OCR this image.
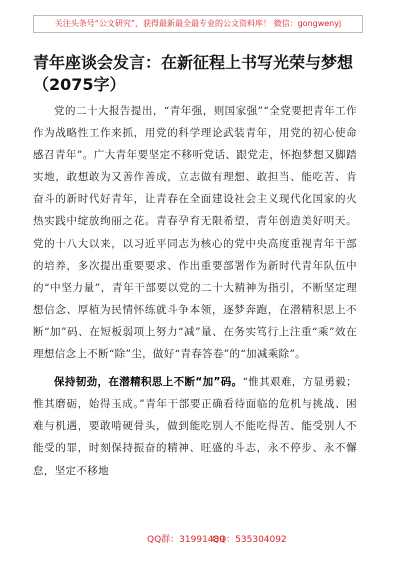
关注头条号“公文研究”，获得最新最全最专业的公文资料库！ 微信：gongwenyj
青年座谈会发言：在新征程上书写光荣与梦想（2075字）

党的二十大报告提出，“青年强，则国家强”“全党要把青年工作作为战略性工作来抓，用党的科学理论武装青年，用党的初心使命感召青年”。广大青年要坚定不移听党话、跟党走，怀抱梦想又脚踏实地，敢想敢为又善作善成，立志做有理想、敢担当、能吃苦、肯奋斗的新时代好青年，让青春在全面建设社会主义现代化国家的火热实践中绽放绚丽之花。青春孕育无限希望，青年创造美好明天。党的十八大以来，以习近平同志为核心的党中央高度重视青年干部的培养，多次提出重要要求、作出重要部署作为新时代青年队伍中的“中坚力量”，青年干部要以党的二十大精神为指引，不断坚定理想信念、厚植为民情怀练就斗争本领，逐梦奔跑，在潜精积思上不断“加”码、在短板弱项上努力“减”量、在务实笃行上注重“乘”效在理想信念上不断“除”尘，做好“青春答卷”的“加减乘除”。

保持韧劲，在潜精积思上不断“加”码。“惟其艰难，方显勇毅；惟其磨砺，始得玉成。”青年干部要正确看待面临的危机与挑战、困难与机遇，要敢啃硬骨头，做到能吃别人不能吃得苦、能受别人不能受的罪，时刻保持振奋的精神、旺盛的斗志，永不停步、永不懈怠，坚定不移地

QQ群：31991489
QQ：535304092
